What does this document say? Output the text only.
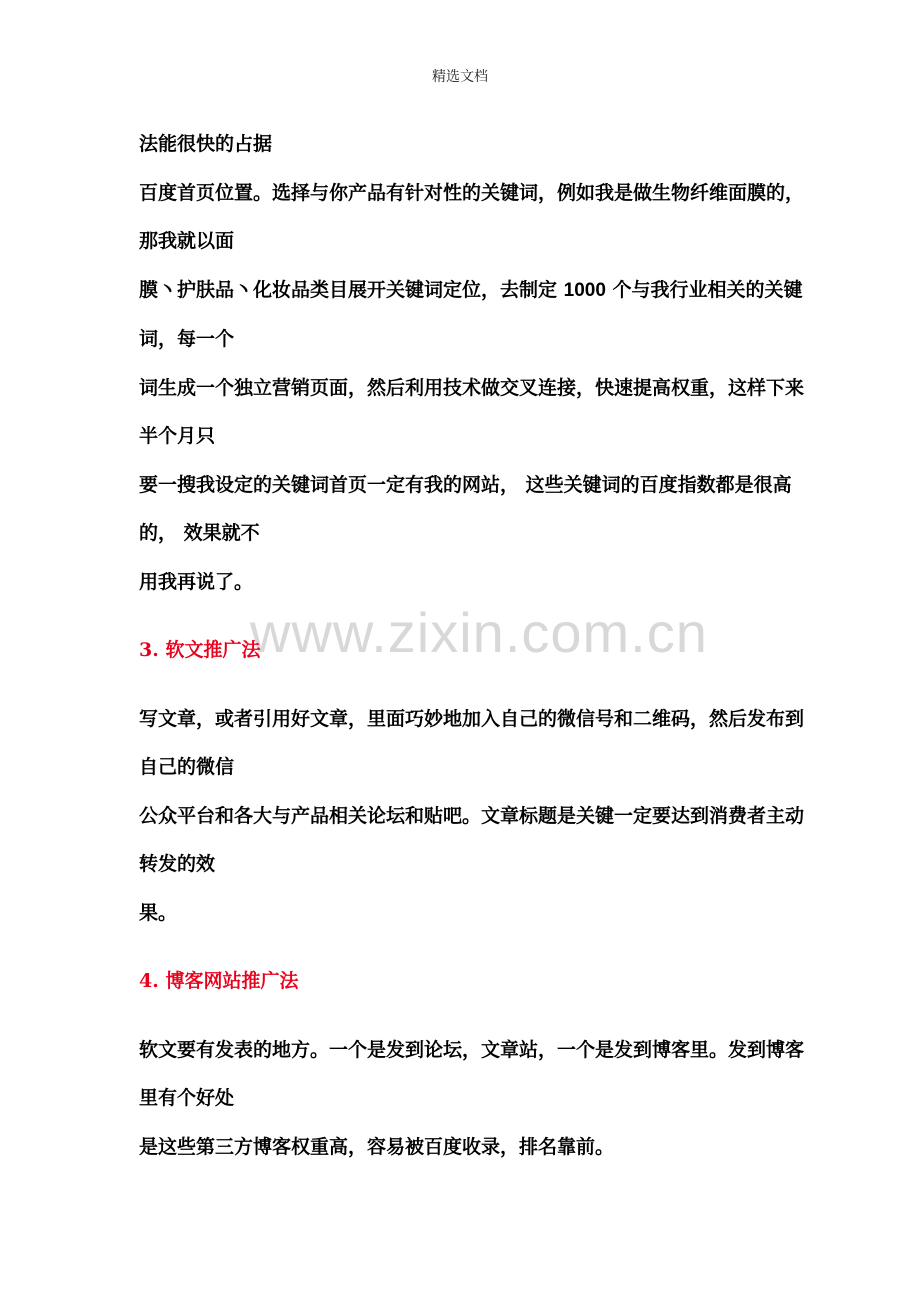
精选文档
www.zixin.com.cn

法能很快的占据

百度首页位置。选择与你产品有针对性的关键词，例如我是做生物纤维面膜的，那我就以面

膜丶护肤品丶化妆品类目展开关键词定位，去制定 1000 个与我行业相关的关键词，每一个

词生成一个独立营销页面，然后利用技术做交叉连接，快速提高权重，这样下来半个月只

要一搜我设定的关键词首页一定有我的网站， 这些关键词的百度指数都是很高的， 效果就不

用我再说了。

3. 软文推广法

写文章，或者引用好文章，里面巧妙地加入自己的微信号和二维码，然后发布到自己的微信

公众平台和各大与产品相关论坛和贴吧。文章标题是关键一定要达到消费者主动转发的效

果。

4. 博客网站推广法

软文要有发表的地方。一个是发到论坛，文章站，一个是发到博客里。发到博客里有个好处

是这些第三方博客权重高，容易被百度收录，排名靠前。
